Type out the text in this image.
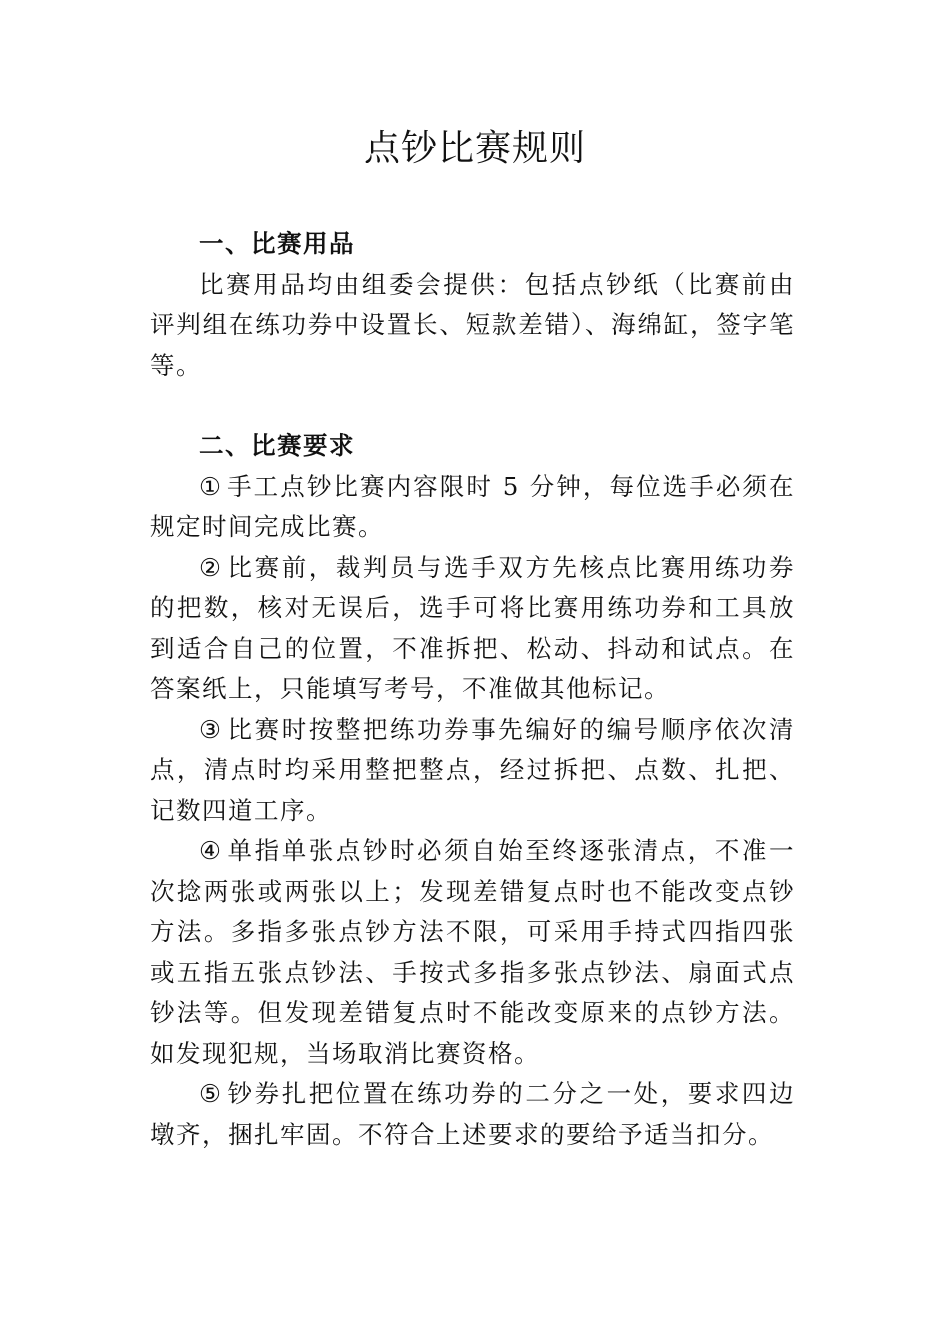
点钞比赛规则

一、比赛用品

比赛用品均由组委会提供：包括点钞纸（比赛前由评判组在练功券中设置长、短款差错）、海绵缸，签字笔等。

二、比赛要求

① 手工点钞比赛内容限时 5 分钟，每位选手必须在规定时间完成比赛。

② 比赛前，裁判员与选手双方先核点比赛用练功券的把数，核对无误后，选手可将比赛用练功券和工具放到适合自己的位置，不准拆把、松动、抖动和试点。在答案纸上，只能填写考号，不准做其他标记。

③ 比赛时按整把练功券事先编好的编号顺序依次清点，清点时均采用整把整点，经过拆把、点数、扎把、记数四道工序。

④ 单指单张点钞时必须自始至终逐张清点，不准一次捻两张或两张以上；发现差错复点时也不能改变点钞方法。多指多张点钞方法不限，可采用手持式四指四张或五指五张点钞法、手按式多指多张点钞法、扇面式点钞法等。但发现差错复点时不能改变原来的点钞方法。如发现犯规，当场取消比赛资格。

⑤ 钞券扎把位置在练功券的二分之一处，要求四边墩齐，捆扎牢固。不符合上述要求的要给予适当扣分。
